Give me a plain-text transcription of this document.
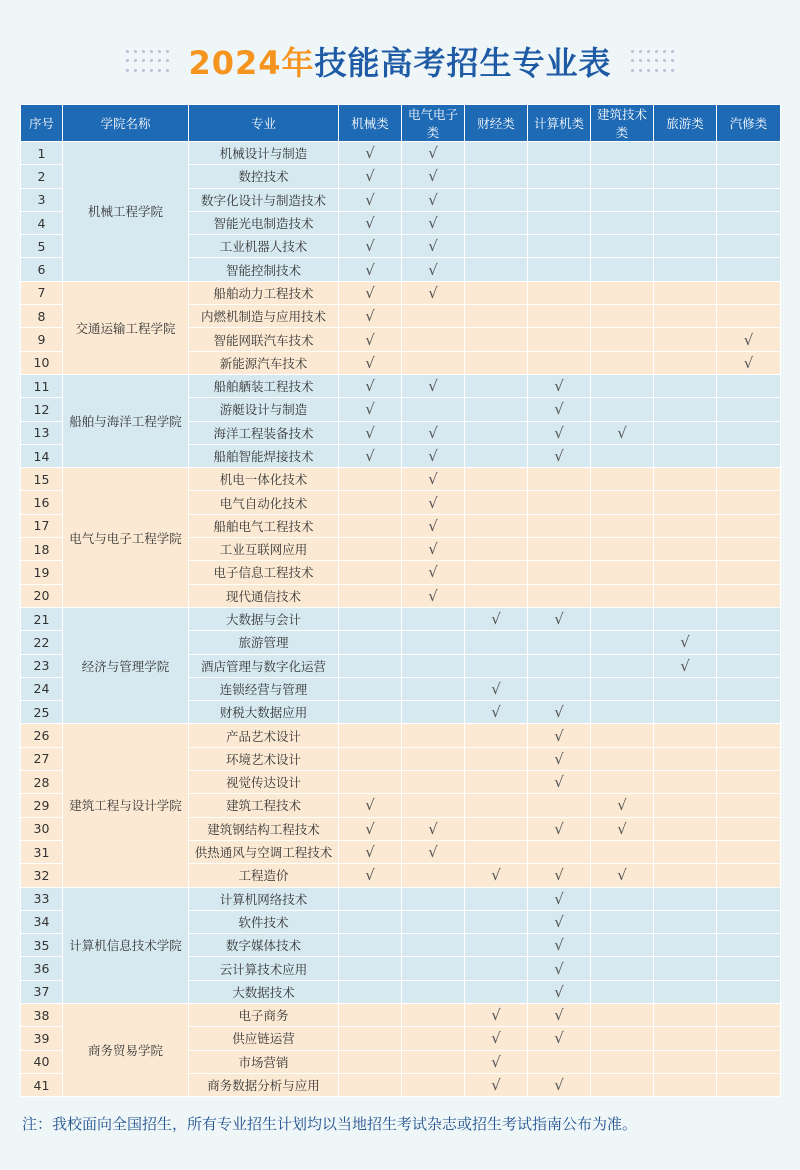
2024年技能高考招生专业表
序号	学院名称	专业	机械类	电气电子类	财经类	计算机类	建筑技术类	旅游类	汽修类
1	机械工程学院	机械设计与制造	√	√					
2		数控技术	√	√					
3		数字化设计与制造技术	√	√					
4		智能光电制造技术	√	√					
5		工业机器人技术	√	√					
6		智能控制技术	√	√					
7	交通运输工程学院	船舶动力工程技术	√	√					
8		内燃机制造与应用技术	√						
9		智能网联汽车技术	√						√
10		新能源汽车技术	√						√
11	船舶与海洋工程学院	船舶舾装工程技术	√	√		√			
12		游艇设计与制造	√			√			
13		海洋工程装备技术	√	√		√	√		
14		船舶智能焊接技术	√	√		√			
15	电气与电子工程学院	机电一体化技术		√					
16		电气自动化技术		√					
17		船舶电气工程技术		√					
18		工业互联网应用		√					
19		电子信息工程技术		√					
20		现代通信技术		√					
21	经济与管理学院	大数据与会计			√	√			
22		旅游管理						√	
23		酒店管理与数字化运营						√	
24		连锁经营与管理			√				
25		财税大数据应用			√	√			
26	建筑工程与设计学院	产品艺术设计				√			
27		环境艺术设计				√			
28		视觉传达设计				√			
29		建筑工程技术	√				√		
30		建筑钢结构工程技术	√	√		√	√		
31		供热通风与空调工程技术	√	√					
32		工程造价	√		√	√	√		
33	计算机信息技术学院	计算机网络技术				√			
34		软件技术				√			
35		数字媒体技术				√			
36		云计算技术应用				√			
37		大数据技术				√			
38	商务贸易学院	电子商务			√	√			
39		供应链运营			√	√			
40		市场营销			√				
41		商务数据分析与应用			√	√			
注：我校面向全国招生，所有专业招生计划均以当地招生考试杂志或招生考试指南公布为准。
